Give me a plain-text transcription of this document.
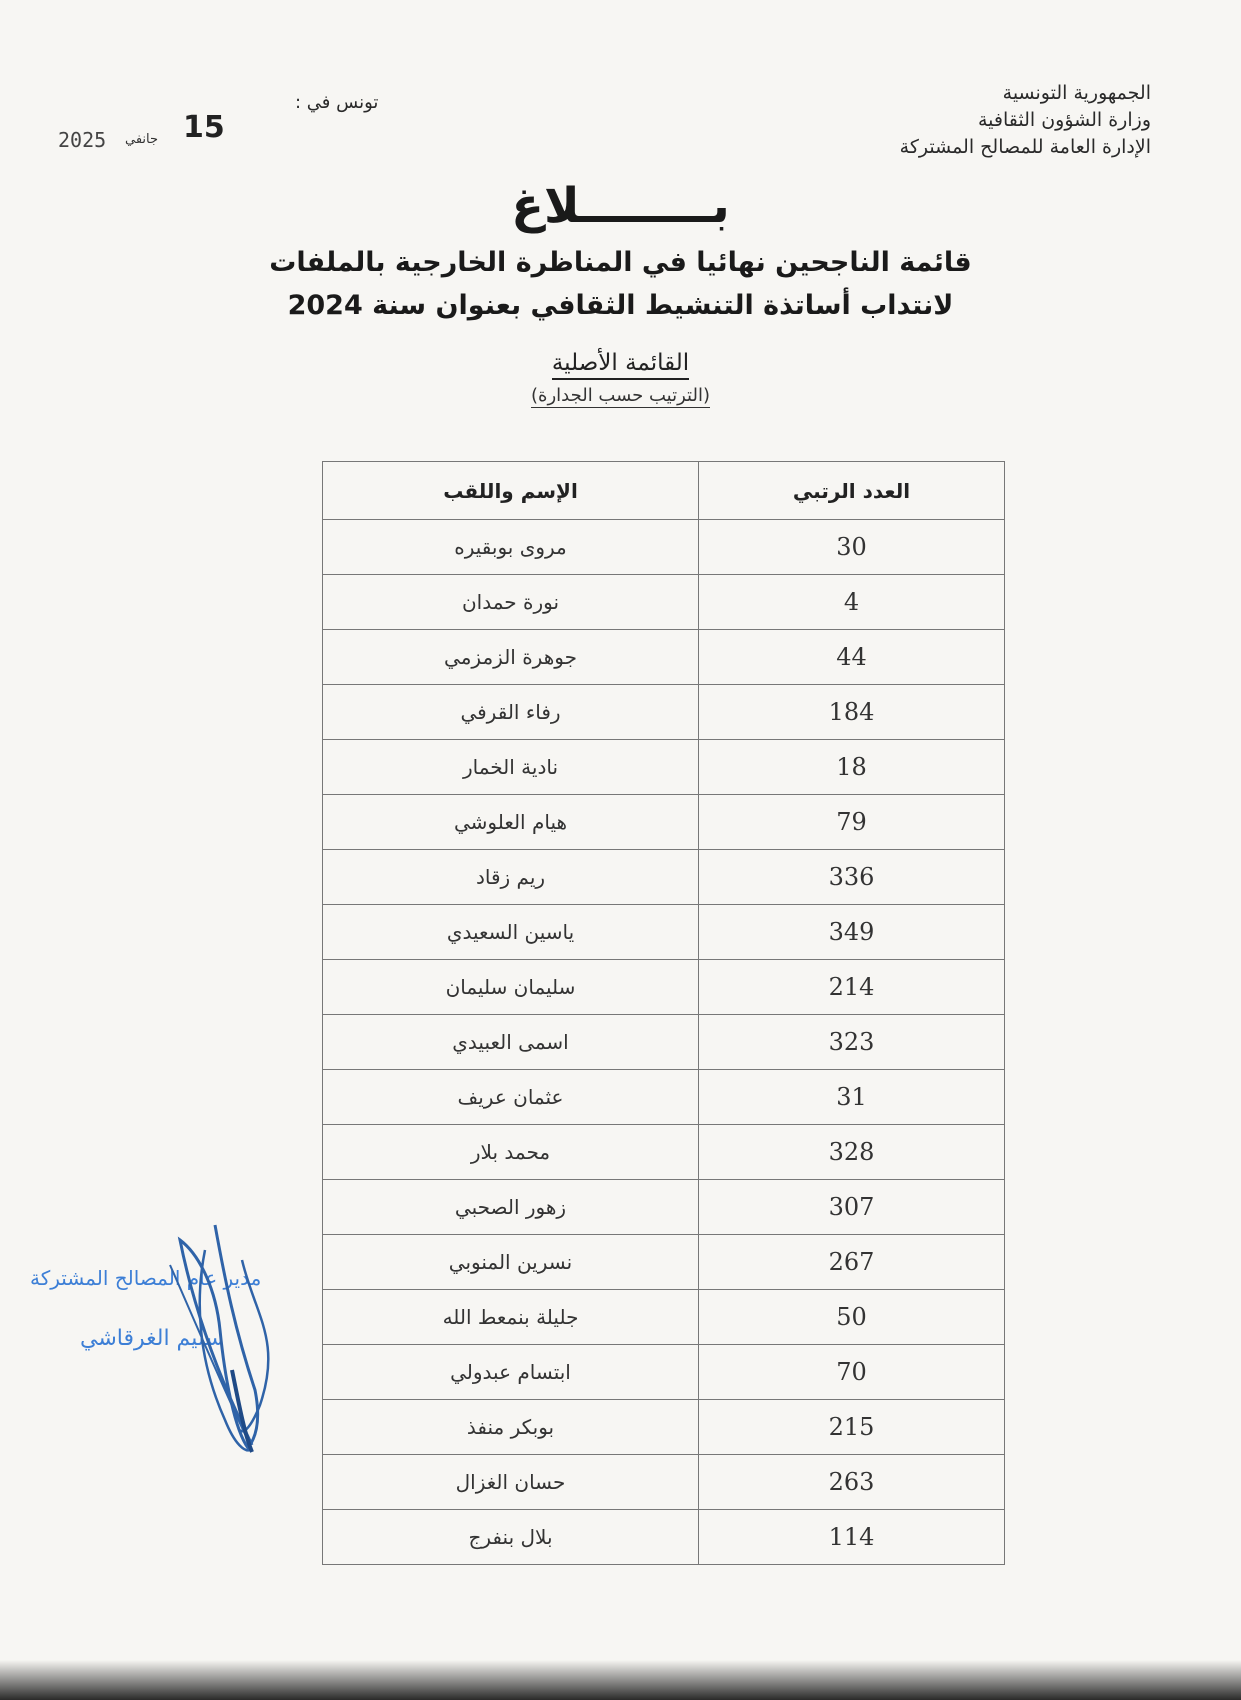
الجمهورية التونسية
وزارة الشؤون الثقافية
الإدارة العامة للمصالح المشتركة
تونس في :
15
جانفي
2025
بــــــــلاغ
قائمة الناجحين نهائيا في المناظرة الخارجية بالملفات
لانتداب أساتذة التنشيط الثقافي بعنوان سنة 2024
القائمة الأصلية
(الترتيب حسب الجدارة)
العدد الرتبي	الإسم واللقب
30	مروى بوبقيره
4	نورة حمدان
44	جوهرة الزمزمي
184	رفاء القرفي
18	نادية الخمار
79	هيام العلوشي
336	ريم زقاد
349	ياسين السعيدي
214	سليمان سليمان
323	اسمى العبيدي
31	عثمان عريف
328	محمد بلار
307	زهور الصحبي
267	نسرين المنوبي
50	جليلة بنمعط الله
70	ابتسام عبدولي
215	بوبكر منفذ
263	حسان الغزال
114	بلال بنفرج
مدير عام المصالح المشتركة
سليم الغرقاشي
